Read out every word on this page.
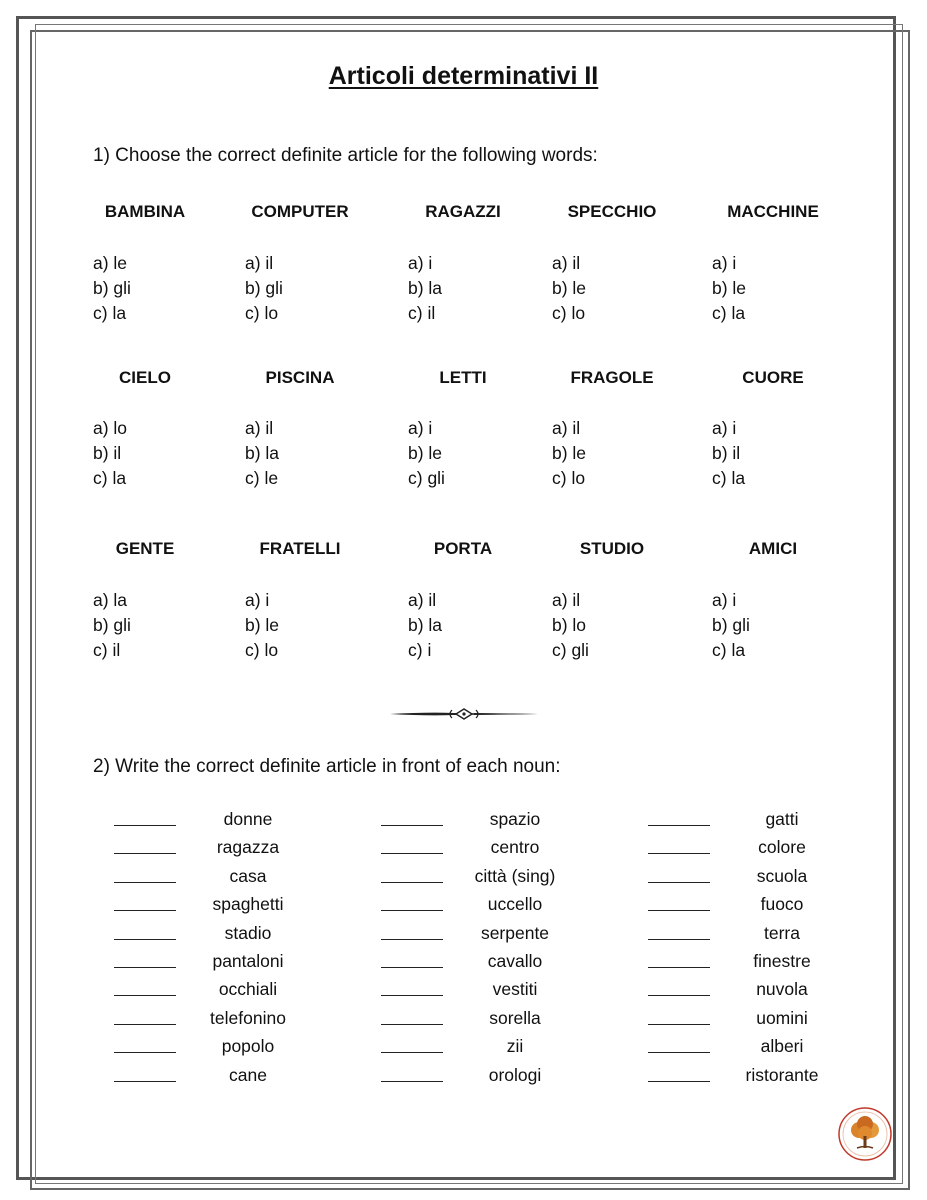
Articoli determinativi II
1) Choose the correct definite article for the following words:
BAMBINA
a) le
b) gli
c) la
COMPUTER
a) il
b) gli
c) lo
RAGAZZI
a) i
b) la
c) il
SPECCHIO
a) il
b) le
c) lo
MACCHINE
a) i
b) le
c) la
CIELO
a) lo
b) il
c) la
PISCINA
a) il
b) la
c) le
LETTI
a) i
b) le
c) gli
FRAGOLE
a) il
b) le
c) lo
CUORE
a) i
b) il
c) la
GENTE
a) la
b) gli
c) il
FRATELLI
a) i
b) le
c) lo
PORTA
a) il
b) la
c) i
STUDIO
a) il
b) lo
c) gli
AMICI
a) i
b) gli
c) la
2) Write the correct definite article in front of each noun:
donne
ragazza
casa
spaghetti
stadio
pantaloni
occhiali
telefonino
popolo
cane
spazio
centro
città (sing)
uccello
serpente
cavallo
vestiti
sorella
zii
orologi
gatti
colore
scuola
fuoco
terra
finestre
nuvola
uomini
alberi
ristorante
